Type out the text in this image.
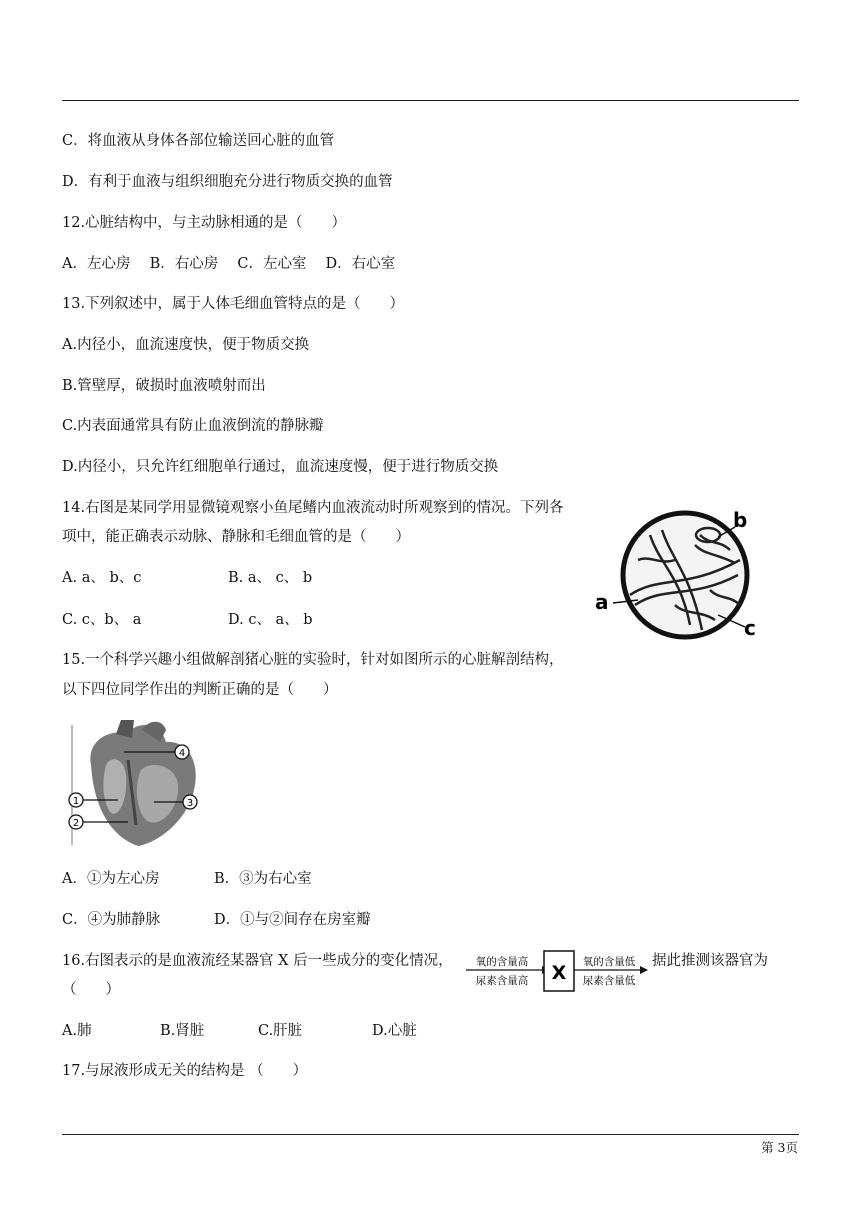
C．将血液从身体各部位输送回心脏的血管
D．有利于血液与组织细胞充分进行物质交换的血管
12.心脏结构中，与主动脉相通的是（　　）
A．左心房　 B．右心房　 C．左心室　 D．右心室
13.下列叙述中，属于人体毛细血管特点的是（　　）
A.内径小，血流速度快，便于物质交换
B.管壁厚，破损时血液喷射而出
C.内表面通常具有防止血液倒流的静脉瓣
D.内径小，只允许红细胞单行通过，血流速度慢，便于进行物质交换
14.右图是某同学用显微镜观察小鱼尾鳍内血液流动时所观察到的情况。下列各
项中，能正确表示动脉、静脉和毛细血管的是（　　）
A. a、 b、c	B. a、 c、 b
C. c、b、 a	D. c、 a、 b
a
b
c
15.一个科学兴趣小组做解剖猪心脏的实验时，针对如图所示的心脏解剖结构，
以下四位同学作出的判断正确的是（　　）
4
1
2
3
A．①为左心房	B．③为右心室
C．④为肺静脉	D．①与②间存在房室瓣
16.右图表示的是血液流经某器官 X 后一些成分的变化情况，	据此推测该器官为
（　　）
氧的含量高
尿素含量高 X 氧的含量低
尿素含量低
A.肺	B.肾脏	C.肝脏	D.心脏
17.与尿液形成无关的结构是 （　　）
第 3页
